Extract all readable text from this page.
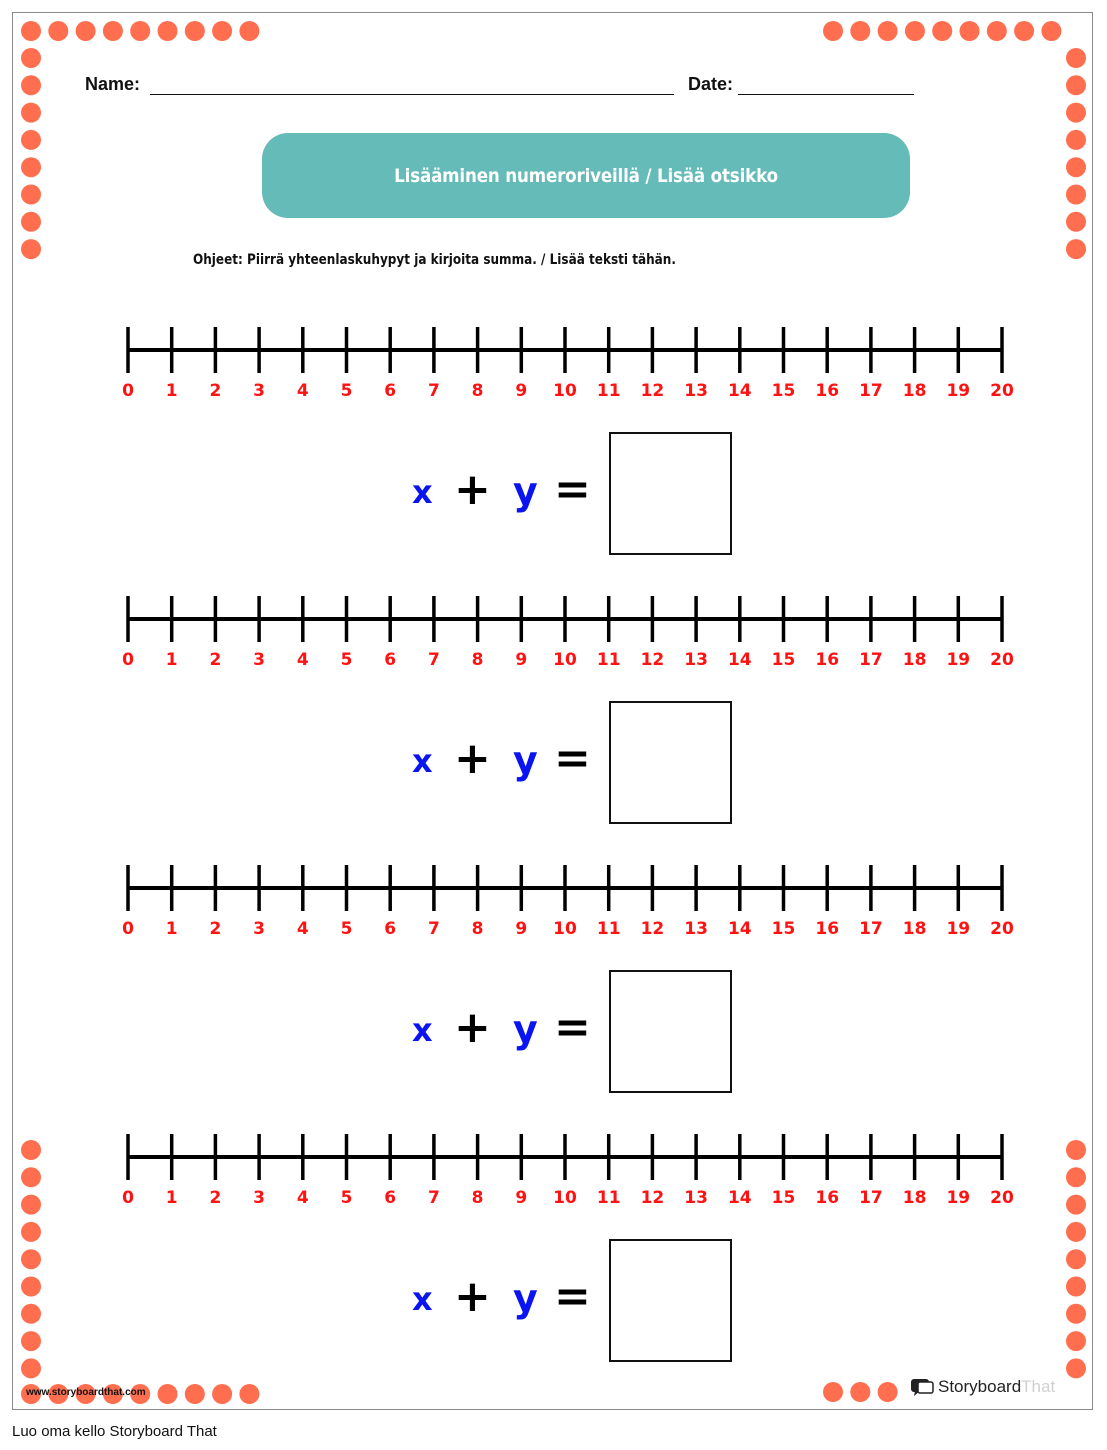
Name:	Date:
Lisääminen numeroriveillä / Lisää otsikko
Ohjeet: Piirrä yhteenlaskuhypyt ja kirjoita summa. / Lisää teksti tähän.
0 1 2 3 4 5 6 7 8 9 10 11 12 13 14 15 16 17 18 19 20
x + y =
0 1 2 3 4 5 6 7 8 9 10 11 12 13 14 15 16 17 18 19 20
x + y =
0 1 2 3 4 5 6 7 8 9 10 11 12 13 14 15 16 17 18 19 20
x + y =
0 1 2 3 4 5 6 7 8 9 10 11 12 13 14 15 16 17 18 19 20
x + y =
www.storyboardthat.com	Storyboard That
Luo oma kello Storyboard That
